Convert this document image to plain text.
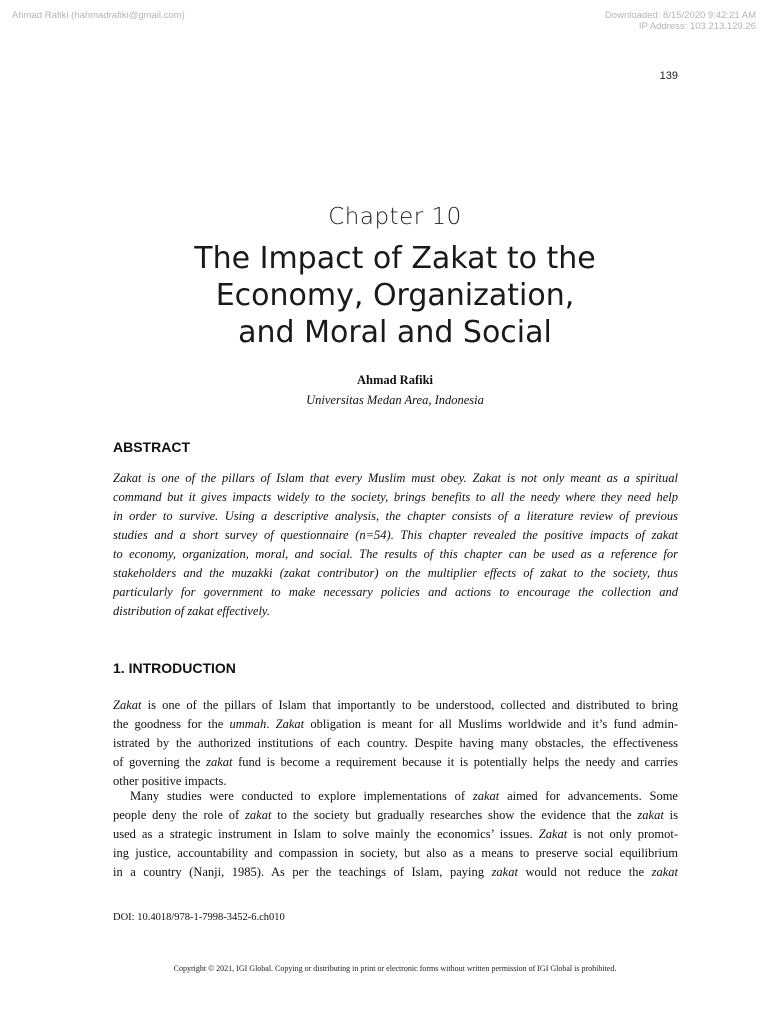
Ahmad Rafiki (hahmadrafiki@gmail.com)	Downloaded: 8/15/2020 9:42:21 AM
IP Address: 103.213.129.26
139
Chapter 10
The Impact of Zakat to the
Economy, Organization,
and Moral and Social
Ahmad Rafiki
Universitas Medan Area, Indonesia
ABSTRACT
Zakat is one of the pillars of Islam that every Muslim must obey. Zakat is not only meant as a spiritual
command but it gives impacts widely to the society, brings benefits to all the needy where they need help
in order to survive. Using a descriptive analysis, the chapter consists of a literature review of previous
studies and a short survey of questionnaire (n=54). This chapter revealed the positive impacts of zakat
to economy, organization, moral, and social. The results of this chapter can be used as a reference for
stakeholders and the muzakki (zakat contributor) on the multiplier effects of zakat to the society, thus
particularly for government to make necessary policies and actions to encourage the collection and
distribution of zakat effectively.
1. INTRODUCTION
Zakat is one of the pillars of Islam that importantly to be understood, collected and distributed to bring
the goodness for the ummah. Zakat obligation is meant for all Muslims worldwide and it’s fund admin-
istrated by the authorized institutions of each country. Despite having many obstacles, the effectiveness
of governing the zakat fund is become a requirement because it is potentially helps the needy and carries
other positive impacts.
Many studies were conducted to explore implementations of zakat aimed for advancements. Some
people deny the role of zakat to the society but gradually researches show the evidence that the zakat is
used as a strategic instrument in Islam to solve mainly the economics’ issues. Zakat is not only promot-
ing justice, accountability and compassion in society, but also as a means to preserve social equilibrium
in a country (Nanji, 1985). As per the teachings of Islam, paying zakat would not reduce the zakat
DOI: 10.4018/978-1-7998-3452-6.ch010
Copyright © 2021, IGI Global. Copying or distributing in print or electronic forms without written permission of IGI Global is prohibited.
